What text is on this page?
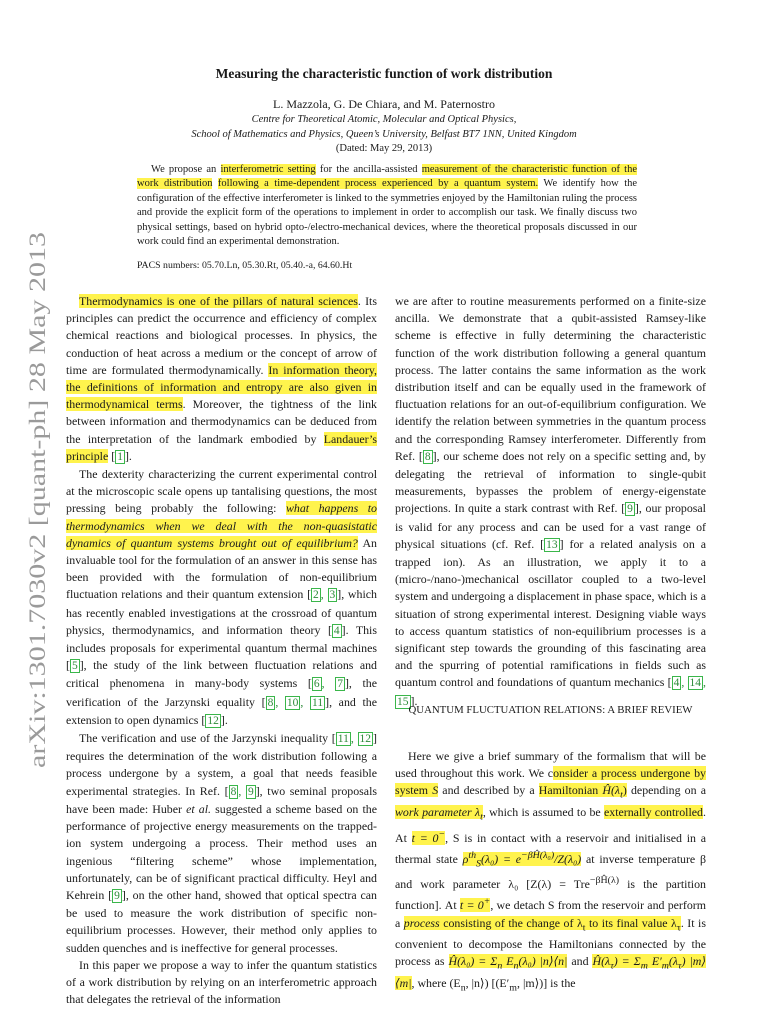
arXiv:1301.7030v2 [quant-ph] 28 May 2013
Measuring the characteristic function of work distribution
L. Mazzola, G. De Chiara, and M. Paternostro
Centre for Theoretical Atomic, Molecular and Optical Physics,
School of Mathematics and Physics, Queen’s University, Belfast BT7 1NN, United Kingdom
(Dated: May 29, 2013)

We propose an interferometric setting for the ancilla-assisted measurement of the characteristic function of the work distribution following a time-dependent process experienced by a quantum system. We identify how the configuration of the effective interferometer is linked to the symmetries enjoyed by the Hamiltonian ruling the process and provide the explicit form of the operations to implement in order to accomplish our task. We finally discuss two physical settings, based on hybrid opto-/electro-mechanical devices, where the theoretical proposals discussed in our work could find an experimental demonstration.

PACS numbers: 05.70.Ln, 05.30.Rt, 05.40.-a, 64.60.Ht

Thermodynamics is one of the pillars of natural sciences. Its principles can predict the occurrence and efficiency of complex chemical reactions and biological processes. In physics, the conduction of heat across a medium or the concept of arrow of time are formulated thermodynamically. In information theory, the definitions of information and entropy are also given in thermodynamical terms. Moreover, the tightness of the link between information and thermodynamics can be deduced from the interpretation of the landmark embodied by Landauer’s principle [ 1 ].

The dexterity characterizing the current experimental control at the microscopic scale opens up tantalising questions, the most pressing being probably the following: what happens to thermodynamics when we deal with the non-quasistatic dynamics of quantum systems brought out of equilibrium? An invaluable tool for the formulation of an answer in this sense has been provided with the formulation of non-equilibrium fluctuation relations and their quantum extension [ 2 , 3 ], which has recently enabled investigations at the crossroad of quantum physics, thermodynamics, and information theory [ 4 ]. This includes proposals for experimental quantum thermal machines [ 5 ], the study of the link between fluctuation relations and critical phenomena in many-body systems [ 6 , 7 ], the verification of the Jarzynski equality [ 8 , 10 , 11 ], and the extension to open dynamics [ 12 ].

The verification and use of the Jarzynski inequality [ 11 , 12 ] requires the determination of the work distribution following a process undergone by a system, a goal that needs feasible experimental strategies. In Ref. [ 8 , 9 ], two seminal proposals have been made: Huber et al. suggested a scheme based on the performance of projective energy measurements on the trapped-ion system undergoing a process. Their method uses an ingenious “filtering scheme” whose implementation, unfortunately, can be of significant practical difficulty. Heyl and Kehrein [ 9 ], on the other hand, showed that optical spectra can be used to measure the work distribution of specific non-equilibrium processes. However, their method only applies to sudden quenches and is ineffective for general processes.

In this paper we propose a way to infer the quantum statistics of a work distribution by relying on an interferometric approach that delegates the retrieval of the information

we are after to routine measurements performed on a finite-size ancilla. We demonstrate that a qubit-assisted Ramsey-like scheme is effective in fully determining the characteristic function of the work distribution following a general quantum process. The latter contains the same information as the work distribution itself and can be equally used in the framework of fluctuation relations for an out-of-equilibrium configuration. We identify the relation between symmetries in the quantum process and the corresponding Ramsey interferometer. Differently from Ref. [ 8 ], our scheme does not rely on a specific setting and, by delegating the retrieval of information to single-qubit measurements, bypasses the problem of energy-eigenstate projections. In quite a stark contrast with Ref. [ 9 ], our proposal is valid for any process and can be used for a vast range of physical situations (cf. Ref. [ 13 ] for a related analysis on a trapped ion). As an illustration, we apply it to a (micro-/nano-)mechanical oscillator coupled to a two-level system and undergoing a displacement in phase space, which is a situation of strong experimental interest. Designing viable ways to access quantum statistics of non-equilibrium processes is a significant step towards the grounding of this fascinating area and the spurring of potential ramifications in fields such as quantum control and foundations of quantum mechanics [ 4 , 14 , 15 ].

QUANTUM FLUCTUATION RELATIONS: A BRIEF REVIEW

Here we give a brief summary of the formalism that will be used throughout this work. We consider a process undergone by system S and described by a Hamiltonian $Ĥ(\lambda_t)$ depending on a work parameter $\lambda_t$, which is assumed to be externally controlled. At t = 0−, S is in contact with a reservoir and initialised in a thermal state $\rho^{th}_S(\lambda_0) = e^{-\beta Ĥ(\lambda_0)}/Z(\lambda_0)$ at inverse temperature β and work parameter λ₀ [Z(λ) = Tre$^{-\beta Ĥ(\lambda)}$ is the partition function]. At t = 0+, we detach S from the reservoir and perform a process consisting of the change of $\lambda_t$ to its final value $\lambda_\tau$. It is convenient to decompose the Hamiltonians connected by the process as Ĥ(λ₀) = $\Sigma_n$ $E_n(\lambda_0)$ |n⟩⟨n| and $Ĥ(\lambda_\tau) = \Sigma_m$ $E'_m(\lambda_\tau)$ |m⟩⟨m|, where ($E_n$, |n⟩) [($E'_m$, |m⟩)] is the
